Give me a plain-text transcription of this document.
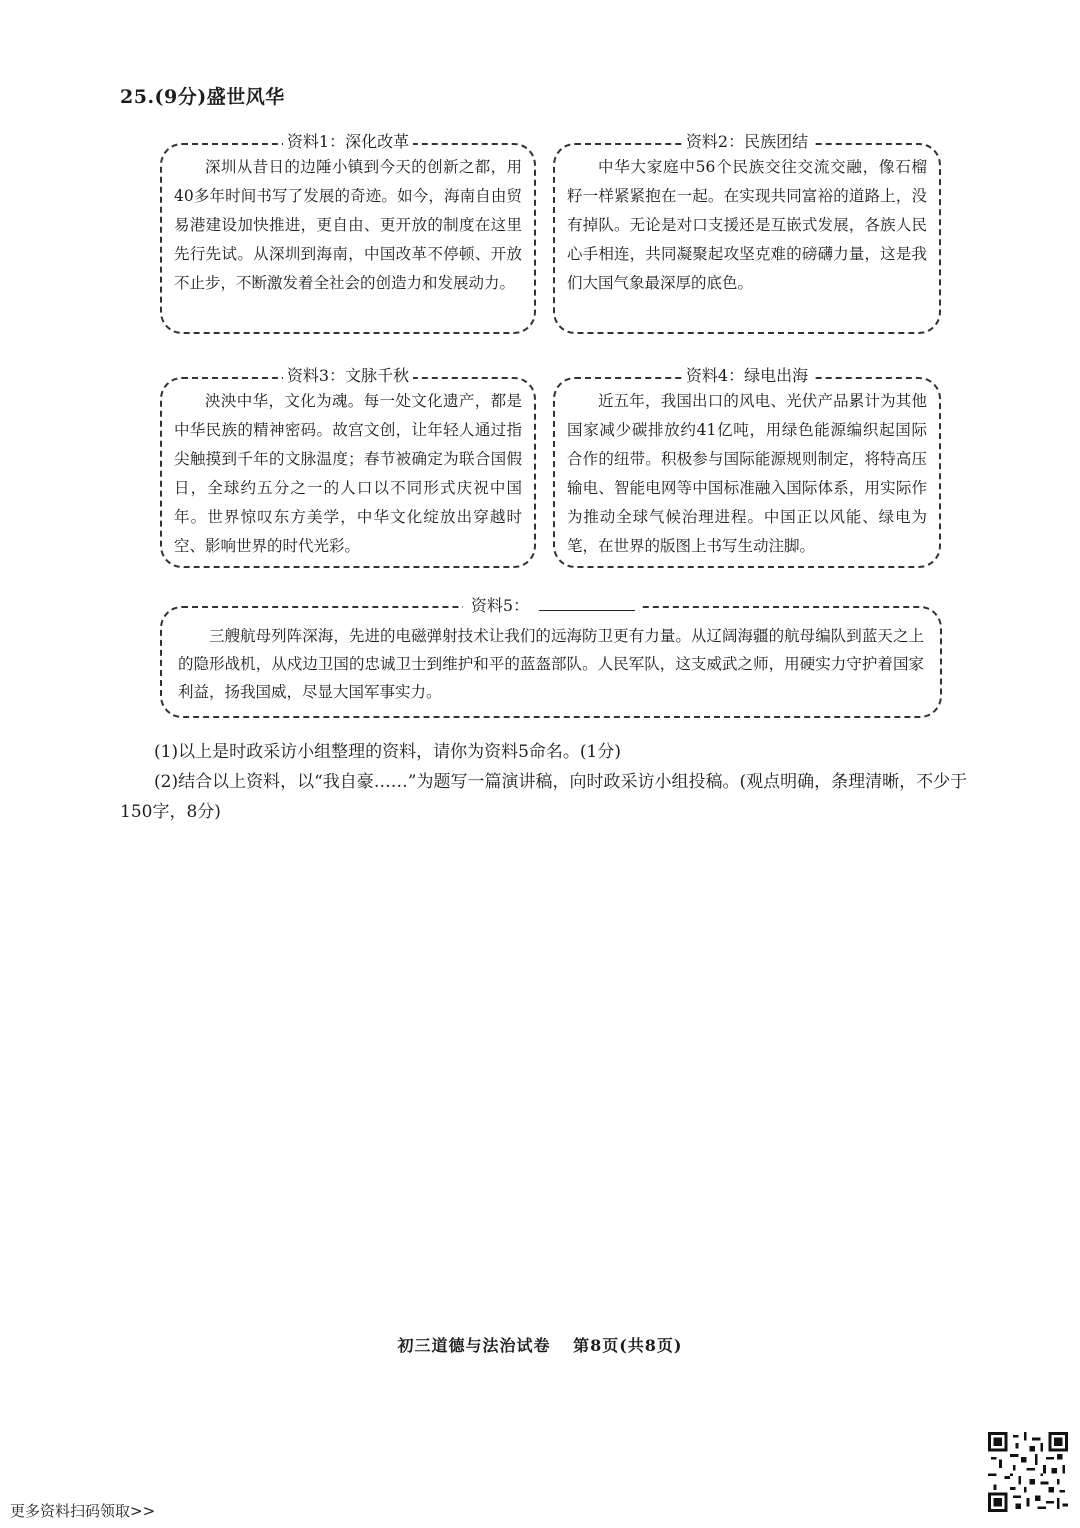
25.(9分)盛世风华
资料1：深化改革

深圳从昔日的边陲小镇到今天的创新之都，用40多年时间书写了发展的奇迹。如今，海南自由贸易港建设加快推进，更自由、更开放的制度在这里先行先试。从深圳到海南，中国改革不停顿、开放不止步，不断激发着全社会的创造力和发展动力。

资料2：民族团结

中华大家庭中56个民族交往交流交融，像石榴籽一样紧紧抱在一起。在实现共同富裕的道路上，没有掉队。无论是对口支援还是互嵌式发展，各族人民心手相连，共同凝聚起攻坚克难的磅礴力量，这是我们大国气象最深厚的底色。

资料3：文脉千秋

泱泱中华，文化为魂。每一处文化遗产，都是中华民族的精神密码。故宫文创，让年轻人通过指尖触摸到千年的文脉温度；春节被确定为联合国假日，全球约五分之一的人口以不同形式庆祝中国年。世界惊叹东方美学，中华文化绽放出穿越时空、影响世界的时代光彩。

资料4：绿电出海

近五年，我国出口的风电、光伏产品累计为其他国家减少碳排放约41亿吨，用绿色能源编织起国际合作的纽带。积极参与国际能源规则制定，将特高压输电、智能电网等中国标准融入国际体系，用实际作为推动全球气候治理进程。中国正以风能、绿电为笔，在世界的版图上书写生动注脚。

资料5：

三艘航母列阵深海，先进的电磁弹射技术让我们的远海防卫更有力量。从辽阔海疆的航母编队到蓝天之上的隐形战机，从戍边卫国的忠诚卫士到维护和平的蓝盔部队。人民军队，这支威武之师，用硬实力守护着国家利益，扬我国威，尽显大国军事实力。

(1)以上是时政采访小组整理的资料，请你为资料5命名。(1分)

(2)结合以上资料，以“我自豪……”为题写一篇演讲稿，向时政采访小组投稿。(观点明确，条理清晰，不少于150字，8分)

初三道德与法治试卷 第8页(共8页)
更多资料扫码领取>>
